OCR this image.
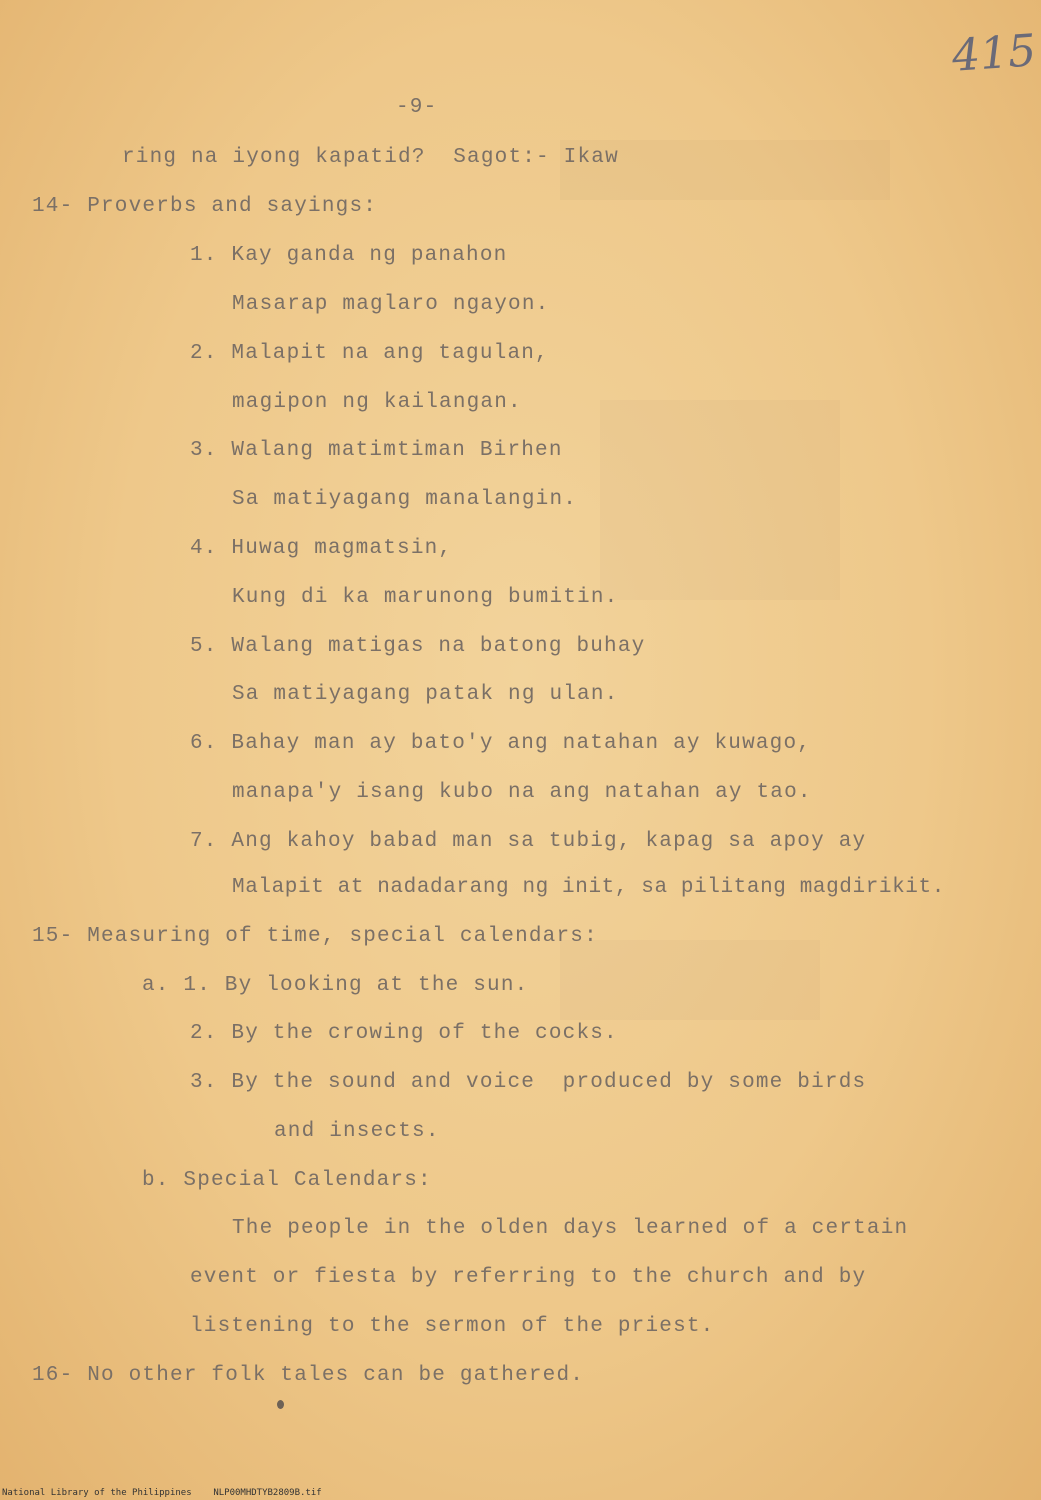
415
-9-
ring na iyong kapatid?  Sagot:- Ikaw
14- Proverbs and sayings:
1. Kay ganda ng panahon
Masarap maglaro ngayon.
2. Malapit na ang tagulan,
magipon ng kailangan.
3. Walang matimtiman Birhen
Sa matiyagang manalangin.
4. Huwag magmatsin,
Kung di ka marunong bumitin.
5. Walang matigas na batong buhay
Sa matiyagang patak ng ulan.
6. Bahay man ay bato'y ang natahan ay kuwago,
manapa'y isang kubo na ang natahan ay tao.
7. Ang kahoy babad man sa tubig, kapag sa apoy ay
Malapit at nadadarang ng init, sa pilitang magdirikit.
15- Measuring of time, special calendars:
a. 1. By looking at the sun.
2. By the crowing of the cocks.
3. By the sound and voice  produced by some birds
and insects.
b. Special Calendars:
The people in the olden days learned of a certain
event or fiesta by referring to the church and by
listening to the sermon of the priest.
16- No other folk tales can be gathered.
National Library of the Philippines    NLP00MHDTYB2809B.tif
